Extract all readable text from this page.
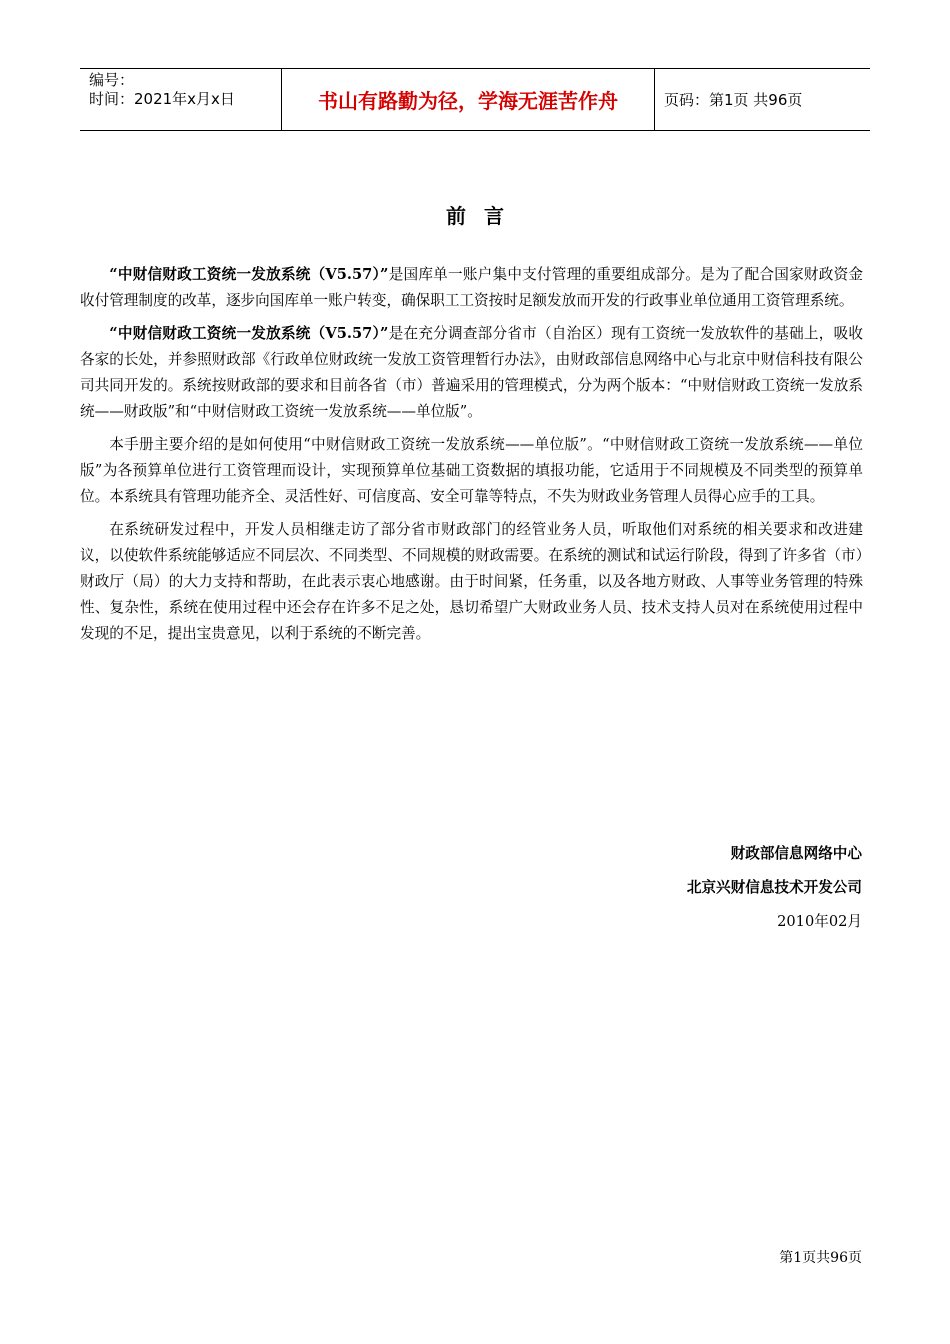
编号：
时间：2021年x月x日	书山有路勤为径，学海无涯苦作舟	页码：第1页 共96页
前言

“中财信财政工资统一发放系统（V5.57）”是国库单一账户集中支付管理的重要组成部分。是为了配合国家财政资金收付管理制度的改革，逐步向国库单一账户转变，确保职工工资按时足额发放而开发的行政事业单位通用工资管理系统。

“中财信财政工资统一发放系统（V5.57）”是在充分调查部分省市（自治区）现有工资统一发放软件的基础上，吸收各家的长处，并参照财政部《行政单位财政统一发放工资管理暂行办法》，由财政部信息网络中心与北京中财信科技有限公司共同开发的。系统按财政部的要求和目前各省（市）普遍采用的管理模式，分为两个版本：“中财信财政工资统一发放系统——财政版”和“中财信财政工资统一发放系统——单位版”。

本手册主要介绍的是如何使用“中财信财政工资统一发放系统——单位版”。“中财信财政工资统一发放系统——单位版”为各预算单位进行工资管理而设计，实现预算单位基础工资数据的填报功能，它适用于不同规模及不同类型的预算单位。本系统具有管理功能齐全、灵活性好、可信度高、安全可靠等特点，不失为财政业务管理人员得心应手的工具。

在系统研发过程中，开发人员相继走访了部分省市财政部门的经管业务人员，听取他们对系统的相关要求和改进建议，以使软件系统能够适应不同层次、不同类型、不同规模的财政需要。在系统的测试和试运行阶段，得到了许多省（市）财政厅（局）的大力支持和帮助，在此表示衷心地感谢。由于时间紧，任务重，以及各地方财政、人事等业务管理的特殊性、复杂性，系统在使用过程中还会存在许多不足之处，恳切希望广大财政业务人员、技术支持人员对在系统使用过程中发现的不足，提出宝贵意见，以利于系统的不断完善。

财政部信息网络中心
北京兴财信息技术开发公司
2010年02月
第1页共96页
